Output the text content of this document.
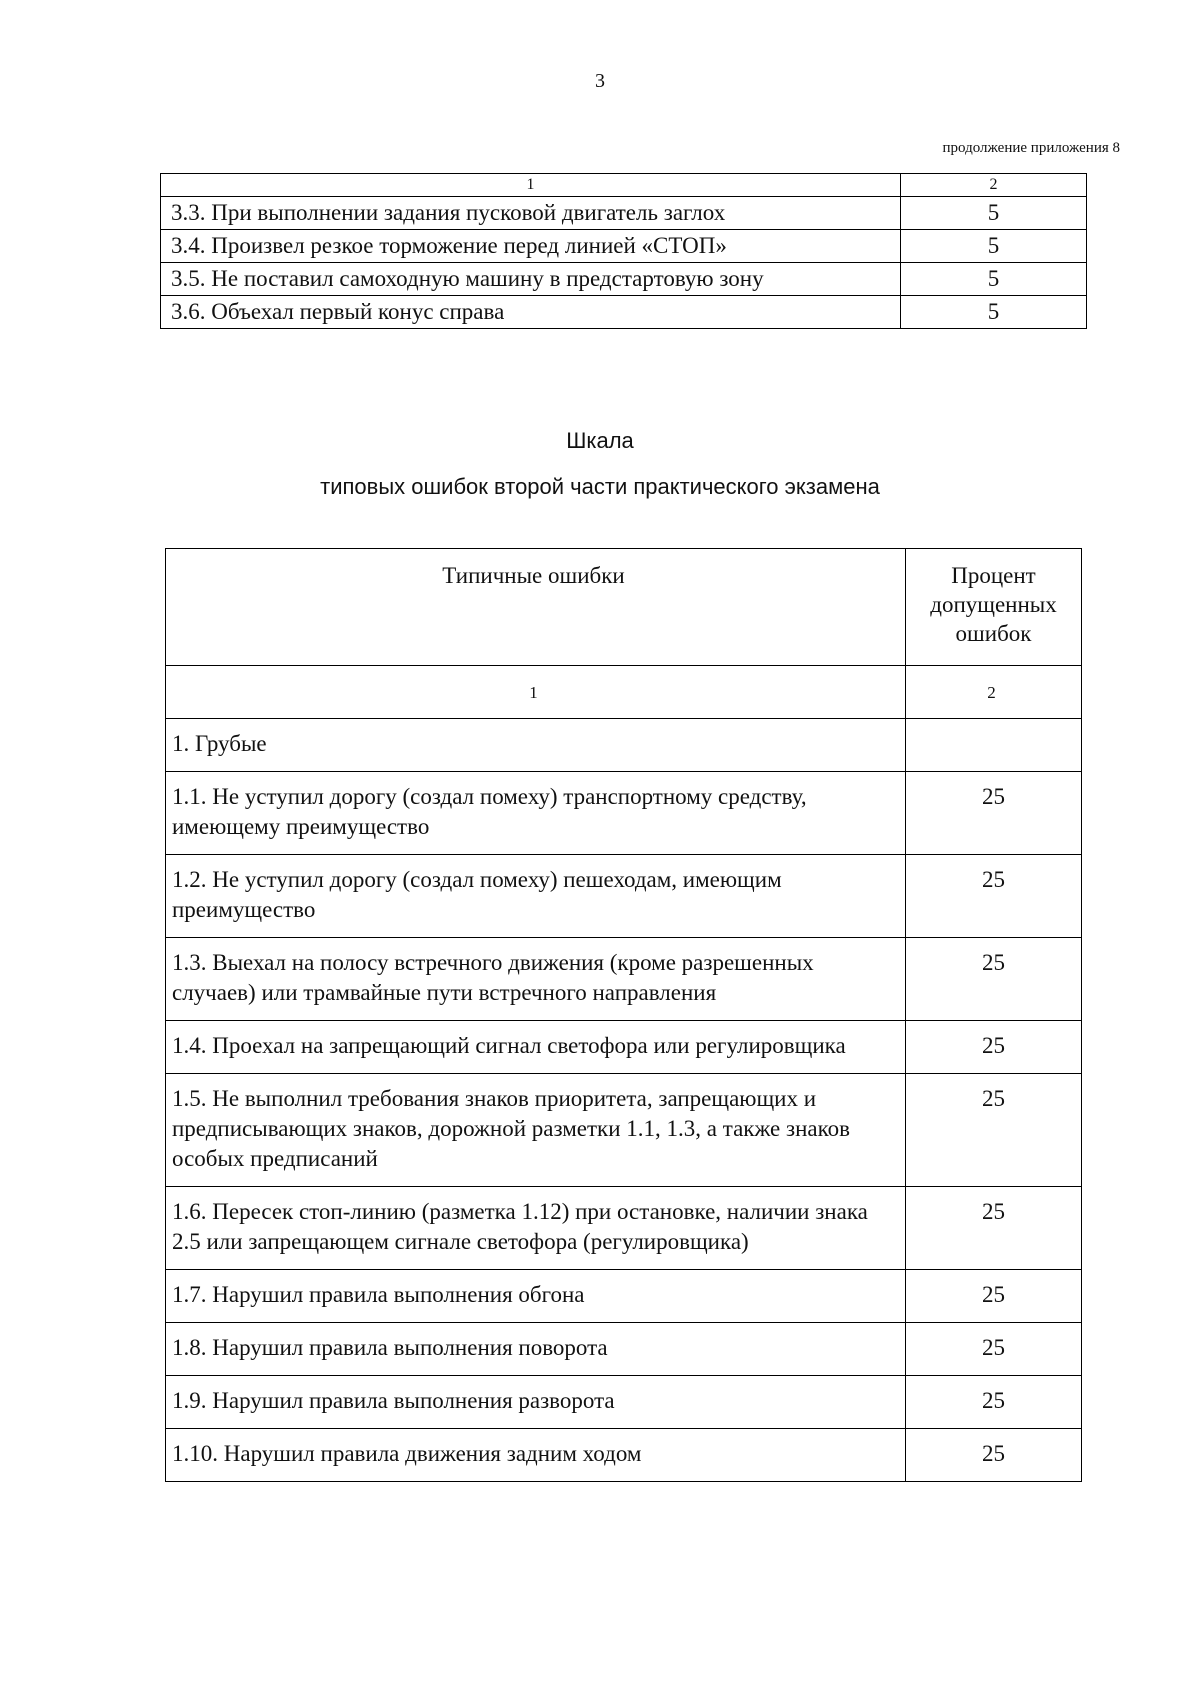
3
продолжение приложения 8
1	2
3.3. При выполнении задания пусковой двигатель заглох	5
3.4. Произвел резкое торможение перед линией «СТОП»	5
3.5. Не поставил самоходную машину в предстартовую зону	5
3.6. Объехал первый конус справа	5
Шкала
типовых ошибок второй части практического экзамена
Типичные ошибки	Процент допущенных ошибок
1	2
1. Грубые	
1.1. Не уступил дорогу (создал помеху) транспортному средству, имеющему преимущество	25
1.2. Не уступил дорогу (создал помеху) пешеходам, имеющим преимущество	25
1.3. Выехал на полосу встречного движения (кроме разрешенных случаев) или трамвайные пути встречного направления	25
1.4. Проехал на запрещающий сигнал светофора или регулировщика	25
1.5. Не выполнил требования знаков приоритета, запрещающих и предписывающих знаков, дорожной разметки 1.1, 1.3, а также знаков особых предписаний	25
1.6. Пересек стоп-линию (разметка 1.12) при остановке, наличии знака 2.5 или запрещающем сигнале светофора (регулировщика)	25
1.7. Нарушил правила выполнения обгона	25
1.8. Нарушил правила выполнения поворота	25
1.9. Нарушил правила выполнения разворота	25
1.10. Нарушил правила движения задним ходом	25
